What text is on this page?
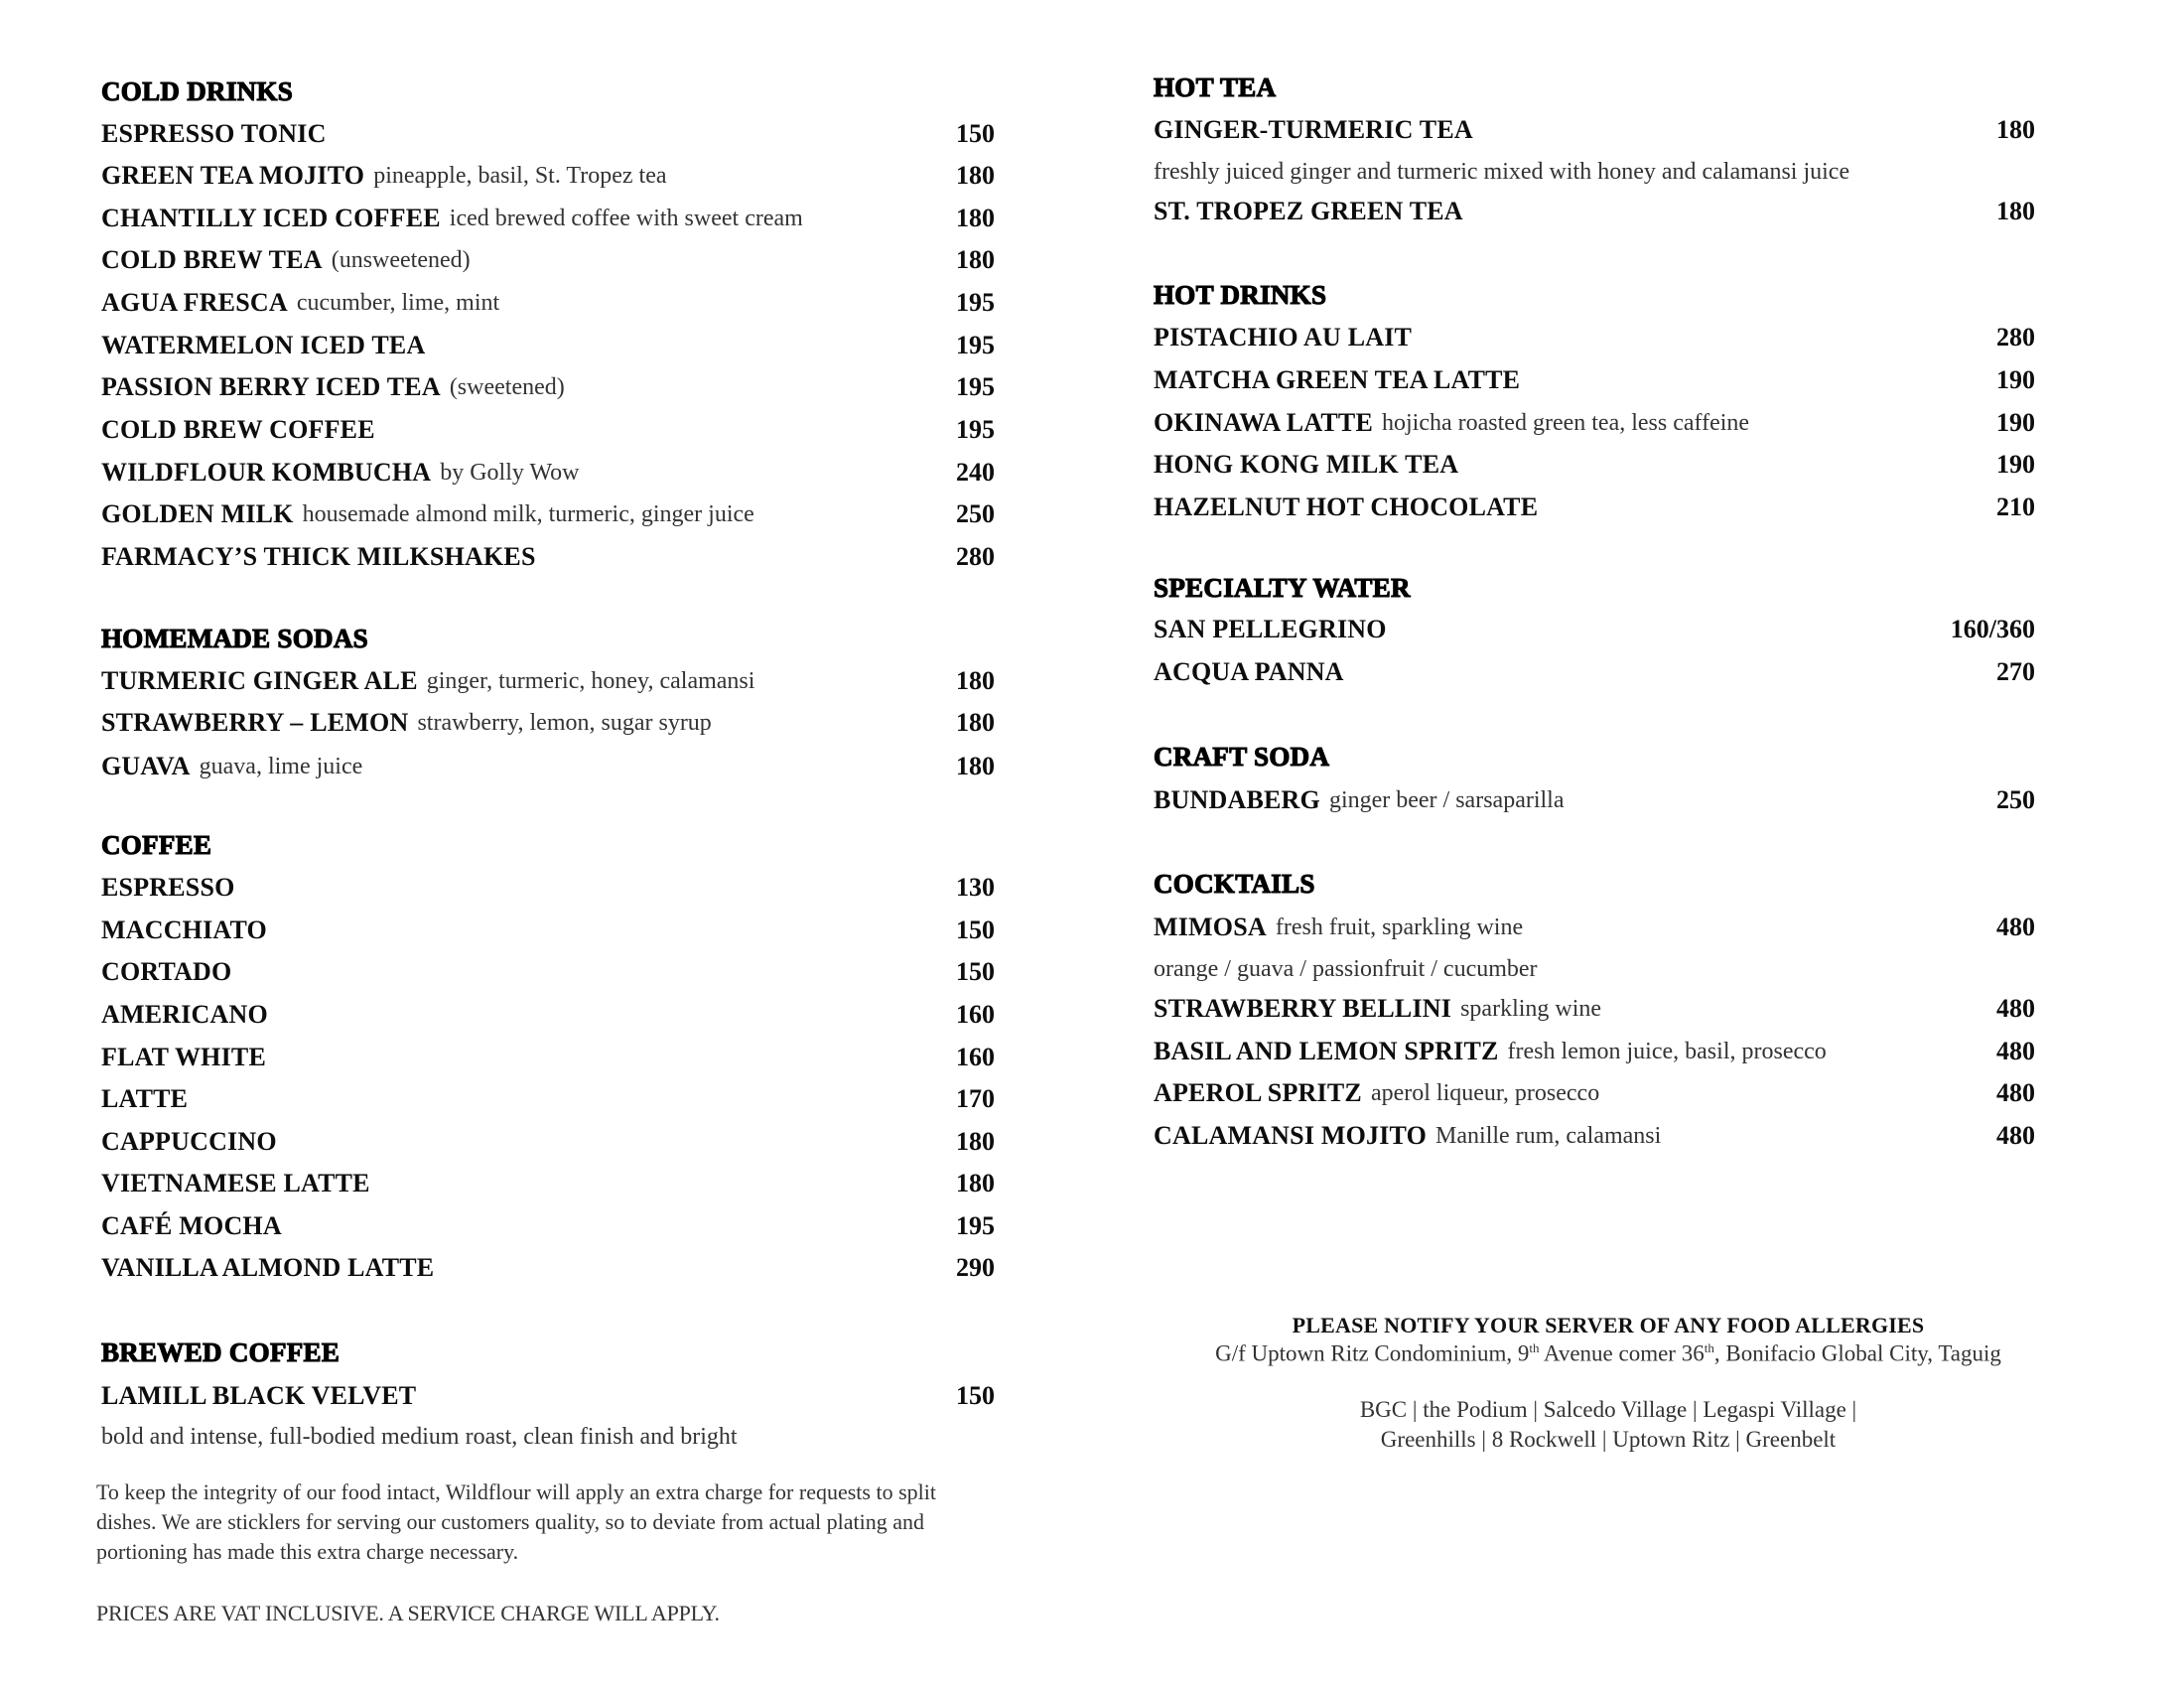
COLD DRINKS
ESPRESSO TONIC	150
GREEN TEA MOJITO pineapple, basil, St. Tropez tea	180
CHANTILLY ICED COFFEE iced brewed coffee with sweet cream	180
COLD BREW TEA (unsweetened)	180
AGUA FRESCA cucumber, lime, mint	195
WATERMELON ICED TEA	195
PASSION BERRY ICED TEA (sweetened)	195
COLD BREW COFFEE	195
WILDFLOUR KOMBUCHA by Golly Wow	240
GOLDEN MILK housemade almond milk, turmeric, ginger juice	250
FARMACY’S THICK MILKSHAKES	280
HOMEMADE SODAS
TURMERIC GINGER ALE ginger, turmeric, honey, calamansi	180
STRAWBERRY – LEMON strawberry, lemon, sugar syrup	180
GUAVA guava, lime juice	180
COFFEE
ESPRESSO	130
MACCHIATO	150
CORTADO	150
AMERICANO	160
FLAT WHITE	160
LATTE	170
CAPPUCCINO	180
VIETNAMESE LATTE	180
CAFÉ MOCHA	195
VANILLA ALMOND LATTE	290
BREWED COFFEE
LAMILL BLACK VELVET	150
bold and intense, full-bodied medium roast, clean finish and bright
HOT TEA
GINGER-TURMERIC TEA	180
ST. TROPEZ GREEN TEA	180
freshly juiced ginger and turmeric mixed with honey and calamansi juice
HOT DRINKS
PISTACHIO AU LAIT	280
MATCHA GREEN TEA LATTE	190
OKINAWA LATTE hojicha roasted green tea, less caffeine	190
HONG KONG MILK TEA	190
HAZELNUT HOT CHOCOLATE	210
SPECIALTY WATER
SAN PELLEGRINO	160/360
ACQUA PANNA	270
CRAFT SODA
BUNDABERG ginger beer / sarsaparilla	250
COCKTAILS
MIMOSA fresh fruit, sparkling wine	480
STRAWBERRY BELLINI sparkling wine	480
BASIL AND LEMON SPRITZ fresh lemon juice, basil, prosecco	480
APEROL SPRITZ aperol liqueur, prosecco	480
CALAMANSI MOJITO Manille rum, calamansi	480
orange / guava / passionfruit / cucumber
To keep the integrity of our food intact, Wildflour will apply an extra charge for requests to split
dishes. We are sticklers for serving our customers quality, so to deviate from actual plating and
portioning has made this extra charge necessary.
PRICES ARE VAT INCLUSIVE. A SERVICE CHARGE WILL APPLY.
PLEASE NOTIFY YOUR SERVER OF ANY FOOD ALLERGIES
G/f Uptown Ritz Condominium, 9th Avenue comer 36th, Bonifacio Global City, Taguig
BGC | the Podium | Salcedo Village | Legaspi Village |
Greenhills | 8 Rockwell | Uptown Ritz | Greenbelt
